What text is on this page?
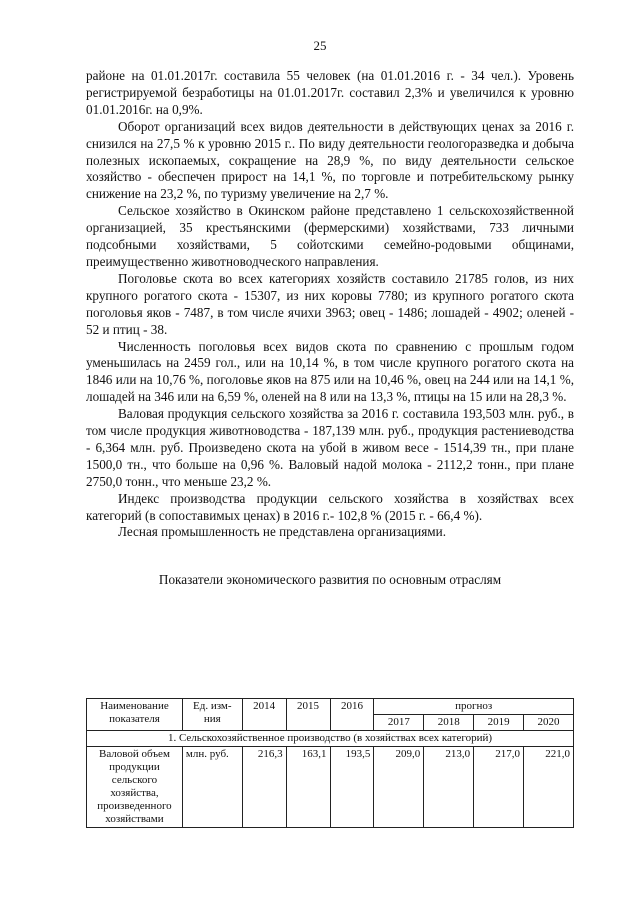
25

районе на 01.01.2017г. составила 55 человек (на 01.01.2016 г. - 34 чел.). Уровень регистрируемой безработицы на 01.01.2017г. составил 2,3% и увеличился к уровню 01.01.2016г. на 0,9%.

Оборот организаций всех видов деятельности в действующих ценах за 2016 г. снизился на 27,5 % к уровню 2015 г.. По виду деятельности геологоразведка и добыча полезных ископаемых, сокращение на 28,9 %, по виду деятельности сельское хозяйство - обеспечен прирост на 14,1 %, по торговле и потребительскому рынку снижение на 23,2 %, по туризму увеличение на 2,7 %.

Сельское хозяйство в Окинском районе представлено 1 сельскохозяйственной организацией, 35 крестьянскими (фермерскими) хозяйствами, 733 личными подсобными хозяйствами, 5 сойотскими семейно-родовыми общинами, преимущественно животноводческого направления.

Поголовье скота во всех категориях хозяйств составило 21785 голов, из них крупного рогатого скота - 15307, из них коровы 7780; из крупного рогатого скота поголовья яков - 7487, в том числе ячихи 3963; овец - 1486; лошадей - 4902; оленей - 52 и птиц - 38.

Численность поголовья всех видов скота по сравнению с прошлым годом уменьшилась на 2459 гол., или на 10,14 %, в том числе крупного рогатого скота на 1846 или на 10,76 %, поголовье яков на 875 или на 10,46 %, овец на 244 или на 14,1 %, лошадей на 346 или на 6,59 %, оленей на 8 или на 13,3 %, птицы на 15 или на 28,3 %.

Валовая продукция сельского хозяйства за 2016 г. составила 193,503 млн. руб., в том числе продукция животноводства - 187,139 млн. руб., продукция растениеводства - 6,364 млн. руб. Произведено скота на убой в живом весе - 1514,39 тн., при плане 1500,0 тн., что больше на 0,96 %. Валовый надой молока - 2112,2 тонн., при плане 2750,0 тонн., что меньше 23,2 %.

Индекс производства продукции сельского хозяйства в хозяйствах всех категорий (в сопоставимых ценах) в 2016 г.- 102,8 % (2015 г. - 66,4 %).

Лесная промышленность не представлена организациями.

Показатели экономического развития по основным отраслям

Наименование показателя	Ед. изм-ния	2014	2015	2016	прогноз			
					2017	2018	2019	2020
1. Сельскохозяйственное производство (в хозяйствах всех категорий)								
Валовой объем продукции сельского хозяйства, произведенного хозяйствами	млн. руб.	216,3	163,1	193,5	209,0	213,0	217,0	221,0
